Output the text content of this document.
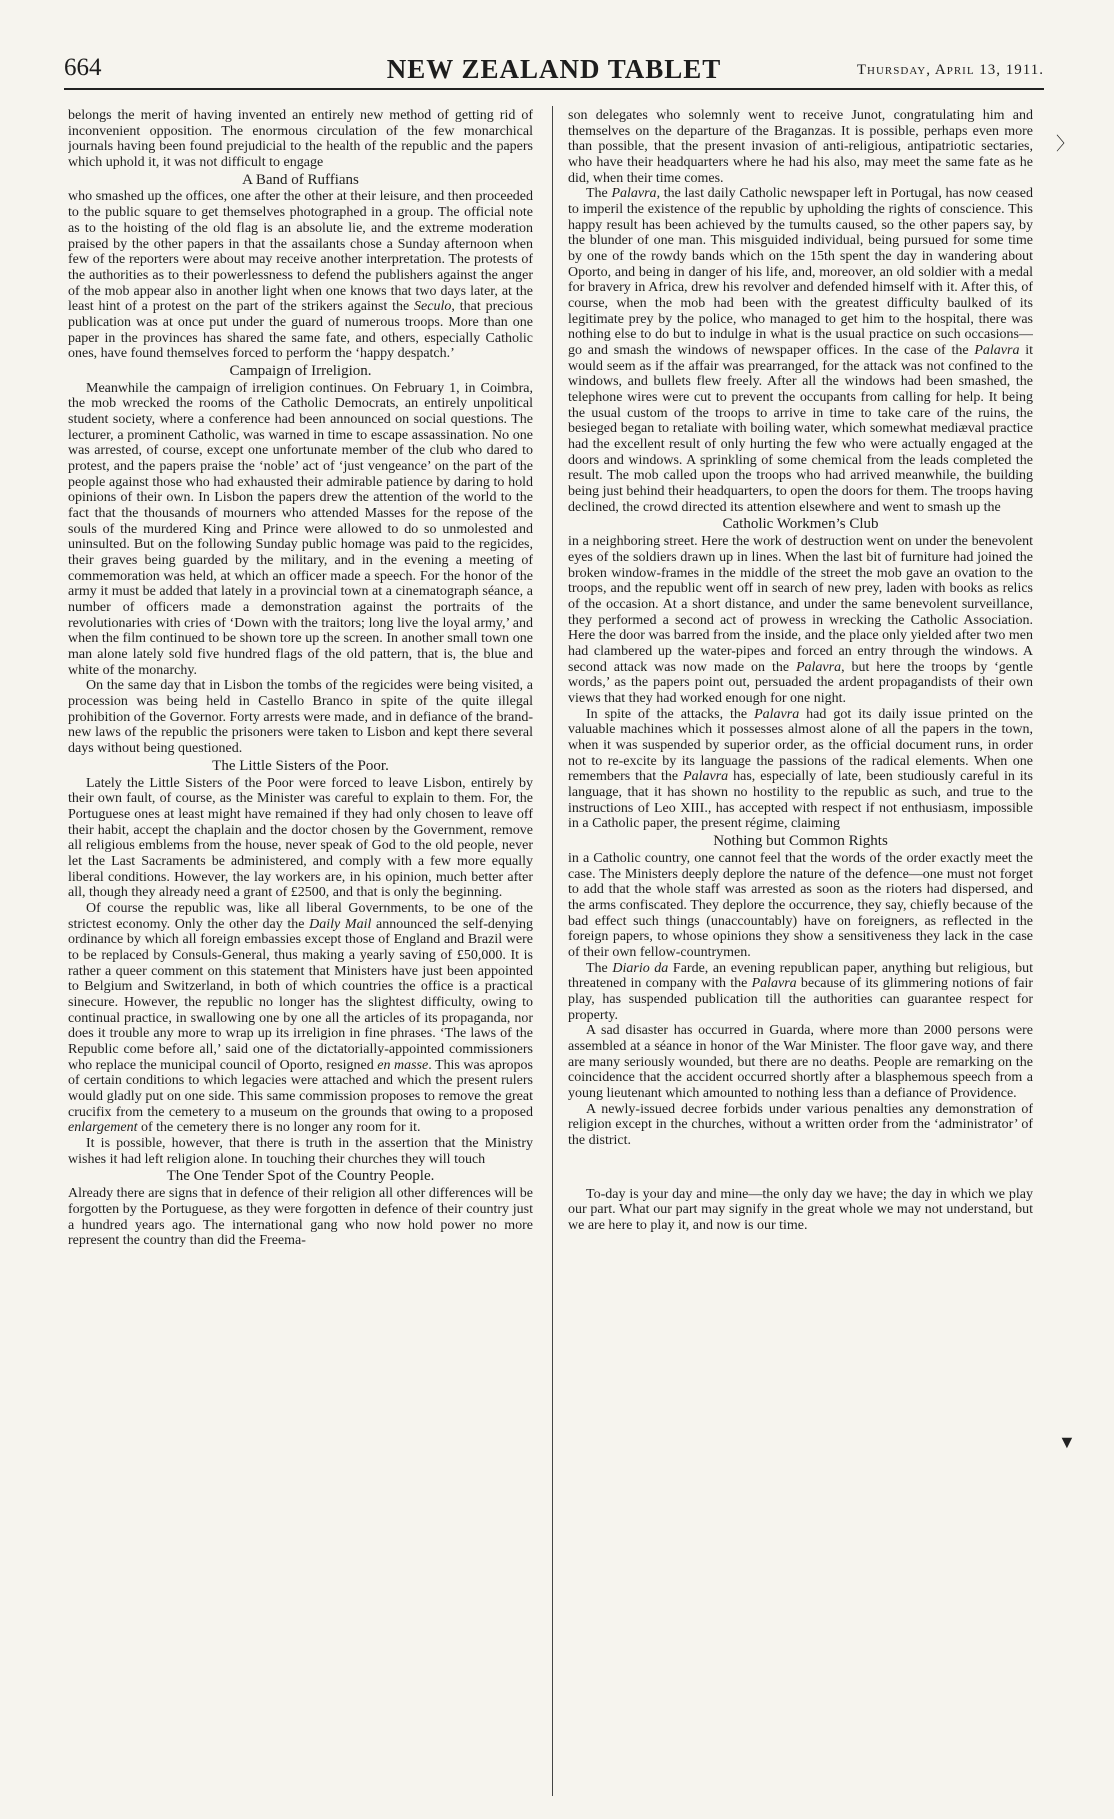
664	NEW ZEALAND TABLET	Thursday, April 13, 1911.

belongs the merit of having invented an entirely new method of getting rid of inconvenient opposition. The enormous circulation of the few monarchical journals having been found prejudicial to the health of the republic and the papers which uphold it, it was not difficult to engage

A Band of Ruffians

who smashed up the offices, one after the other at their leisure, and then proceeded to the public square to get themselves photographed in a group. The official note as to the hoisting of the old flag is an absolute lie, and the extreme moderation praised by the other papers in that the assailants chose a Sunday afternoon when few of the reporters were about may receive another interpretation. The protests of the authorities as to their powerlessness to defend the publishers against the anger of the mob appear also in another light when one knows that two days later, at the least hint of a protest on the part of the strikers against the Seculo, that precious publication was at once put under the guard of numerous troops. More than one paper in the provinces has shared the same fate, and others, especially Catholic ones, have found themselves forced to perform the ‘happy despatch.’

Campaign of Irreligion.

Meanwhile the campaign of irreligion continues. On February 1, in Coimbra, the mob wrecked the rooms of the Catholic Democrats, an entirely unpolitical student society, where a conference had been announced on social questions. The lecturer, a prominent Catholic, was warned in time to escape assassination. No one was arrested, of course, except one unfortunate member of the club who dared to protest, and the papers praise the ‘noble’ act of ‘just vengeance’ on the part of the people against those who had exhausted their admirable patience by daring to hold opinions of their own. In Lisbon the papers drew the attention of the world to the fact that the thousands of mourners who attended Masses for the repose of the souls of the murdered King and Prince were allowed to do so unmolested and uninsulted. But on the following Sunday public homage was paid to the regicides, their graves being guarded by the military, and in the evening a meeting of commemoration was held, at which an officer made a speech. For the honor of the army it must be added that lately in a provincial town at a cinematograph séance, a number of officers made a demonstration against the portraits of the revolutionaries with cries of ‘Down with the traitors; long live the loyal army,’ and when the film continued to be shown tore up the screen. In another small town one man alone lately sold five hundred flags of the old pattern, that is, the blue and white of the monarchy.

On the same day that in Lisbon the tombs of the regicides were being visited, a procession was being held in Castello Branco in spite of the quite illegal prohibition of the Governor. Forty arrests were made, and in defiance of the brand-new laws of the republic the prisoners were taken to Lisbon and kept there several days without being questioned.

The Little Sisters of the Poor.

Lately the Little Sisters of the Poor were forced to leave Lisbon, entirely by their own fault, of course, as the Minister was careful to explain to them. For, the Portuguese ones at least might have remained if they had only chosen to leave off their habit, accept the chaplain and the doctor chosen by the Government, remove all religious emblems from the house, never speak of God to the old people, never let the Last Sacraments be administered, and comply with a few more equally liberal conditions. However, the lay workers are, in his opinion, much better after all, though they already need a grant of £2500, and that is only the beginning.

Of course the republic was, like all liberal Governments, to be one of the strictest economy. Only the other day the Daily Mail announced the self-denying ordinance by which all foreign embassies except those of England and Brazil were to be replaced by Consuls-General, thus making a yearly saving of £50,000. It is rather a queer comment on this statement that Ministers have just been appointed to Belgium and Switzerland, in both of which countries the office is a practical sinecure. However, the republic no longer has the slightest difficulty, owing to continual practice, in swallowing one by one all the articles of its propaganda, nor does it trouble any more to wrap up its irreligion in fine phrases. ‘The laws of the Republic come before all,’ said one of the dictatorially-appointed commissioners who replace the municipal council of Oporto, resigned en masse. This was apropos of certain conditions to which legacies were attached and which the present rulers would gladly put on one side. This same commission proposes to remove the great crucifix from the cemetery to a museum on the grounds that owing to a proposed enlargement of the cemetery there is no longer any room for it.

It is possible, however, that there is truth in the assertion that the Ministry wishes it had left religion alone. In touching their churches they will touch

The One Tender Spot of the Country People.

Already there are signs that in defence of their religion all other differences will be forgotten by the Portuguese, as they were forgotten in defence of their country just a hundred years ago. The international gang who now hold power no more represent the country than did the Freema-

son delegates who solemnly went to receive Junot, congratulating him and themselves on the departure of the Braganzas. It is possible, perhaps even more than possible, that the present invasion of anti-religious, antipatriotic sectaries, who have their headquarters where he had his also, may meet the same fate as he did, when their time comes.

The Palavra, the last daily Catholic newspaper left in Portugal, has now ceased to imperil the existence of the republic by upholding the rights of conscience. This happy result has been achieved by the tumults caused, so the other papers say, by the blunder of one man. This misguided individual, being pursued for some time by one of the rowdy bands which on the 15th spent the day in wandering about Oporto, and being in danger of his life, and, moreover, an old soldier with a medal for bravery in Africa, drew his revolver and defended himself with it. After this, of course, when the mob had been with the greatest difficulty baulked of its legitimate prey by the police, who managed to get him to the hospital, there was nothing else to do but to indulge in what is the usual practice on such occasions—go and smash the windows of newspaper offices. In the case of the Palavra it would seem as if the affair was prearranged, for the attack was not confined to the windows, and bullets flew freely. After all the windows had been smashed, the telephone wires were cut to prevent the occupants from calling for help. It being the usual custom of the troops to arrive in time to take care of the ruins, the besieged began to retaliate with boiling water, which somewhat mediæval practice had the excellent result of only hurting the few who were actually engaged at the doors and windows. A sprinkling of some chemical from the leads completed the result. The mob called upon the troops who had arrived meanwhile, the building being just behind their headquarters, to open the doors for them. The troops having declined, the crowd directed its attention elsewhere and went to smash up the

Catholic Workmen’s Club

in a neighboring street. Here the work of destruction went on under the benevolent eyes of the soldiers drawn up in lines. When the last bit of furniture had joined the broken window-frames in the middle of the street the mob gave an ovation to the troops, and the republic went off in search of new prey, laden with books as relics of the occasion. At a short distance, and under the same benevolent surveillance, they performed a second act of prowess in wrecking the Catholic Association. Here the door was barred from the inside, and the place only yielded after two men had clambered up the water-pipes and forced an entry through the windows. A second attack was now made on the Palavra, but here the troops by ‘gentle words,’ as the papers point out, persuaded the ardent propagandists of their own views that they had worked enough for one night.

In spite of the attacks, the Palavra had got its daily issue printed on the valuable machines which it possesses almost alone of all the papers in the town, when it was suspended by superior order, as the official document runs, in order not to re-excite by its language the passions of the radical elements. When one remembers that the Palavra has, especially of late, been studiously careful in its language, that it has shown no hostility to the republic as such, and true to the instructions of Leo XIII., has accepted with respect if not enthusiasm, impossible in a Catholic paper, the present régime, claiming

Nothing but Common Rights

in a Catholic country, one cannot feel that the words of the order exactly meet the case. The Ministers deeply deplore the nature of the defence—one must not forget to add that the whole staff was arrested as soon as the rioters had dispersed, and the arms confiscated. They deplore the occurrence, they say, chiefly because of the bad effect such things (unaccountably) have on foreigners, as reflected in the foreign papers, to whose opinions they show a sensitiveness they lack in the case of their own fellow-countrymen.

The Diario da Farde, an evening republican paper, anything but religious, but threatened in company with the Palavra because of its glimmering notions of fair play, has suspended publication till the authorities can guarantee respect for property.

A sad disaster has occurred in Guarda, where more than 2000 persons were assembled at a séance in honor of the War Minister. The floor gave way, and there are many seriously wounded, but there are no deaths. People are remarking on the coincidence that the accident occurred shortly after a blasphemous speech from a young lieutenant which amounted to nothing less than a defiance of Providence.

A newly-issued decree forbids under various penalties any demonstration of religion except in the churches, without a written order from the ‘administrator’ of the district.

To-day is your day and mine—the only day we have; the day in which we play our part. What our part may signify in the great whole we may not understand, but we are here to play it, and now is our time.

〉
▼
